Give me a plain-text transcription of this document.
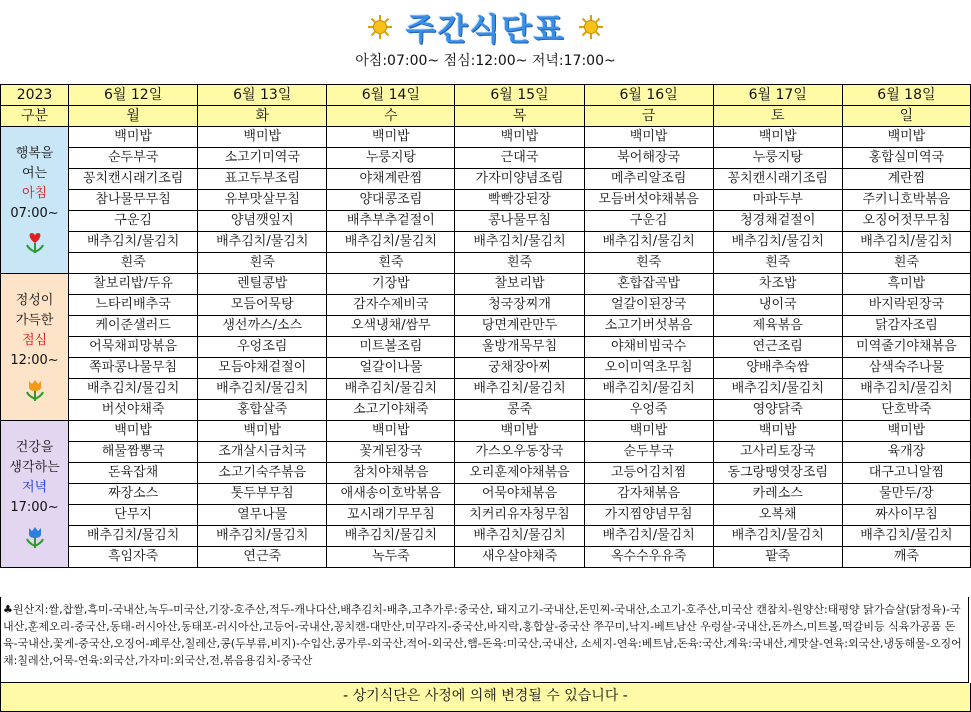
주간식단표
아침:07:00~ 점심:12:00~ 저녁:17:00~
2023	6월 12일	6월 13일	6월 14일	6월 15일	6월 16일	6월 17일	6월 18일
구분	월	화	수	목	금	토	일

행복을
여는
아침
07:00~	백미밥	백미밥	백미밥	백미밥	백미밥	백미밥	백미밥
	순두부국	소고기미역국	누룽지탕	근대국	북어해장국	누룽지탕	홍합실미역국
	꽁치캔시래기조림	표고두부조림	야채계란찜	가자미양념조림	메추리알조림	꽁치캔시래기조림	계란찜
	참나물무무침	유부맛살무침	양대콩조림	빡빡강된장	모듬버섯야채볶음	마파두부	주키니호박볶음
	구운김	양념깻잎지	배추부추겉절이	콩나물무침	구운김	청경채겉절이	오징어젓무무침
	배추김치/물김치	배추김치/물김치	배추김치/물김치	배추김치/물김치	배추김치/물김치	배추김치/물김치	배추김치/물김치
	흰죽	흰죽	흰죽	흰죽	흰죽	흰죽	흰죽

정성이
가득한
점심
12:00~	찰보리밥/두유	렌틸콩밥	기장밥	찰보리밥	혼합잡곡밥	차조밥	흑미밥
	느타리배추국	모듬어묵탕	감자수제비국	청국장찌개	얼갈이된장국	냉이국	바지락된장국
	케이준샐러드	생선까스/소스	오색냉채/쌈무	당면계란만두	소고기버섯볶음	제육볶음	닭감자조림
	어묵채피망볶음	우엉조림	미트볼조림	울방개묵무침	야채비빔국수	연근조림	미역줄기야채볶음
	쪽파콩나물무침	모듬야채겉절이	얼갈이나물	궁채장아찌	오이미역초무침	양배추숙쌈	삼색숙주나물
	배추김치/물김치	배추김치/물김치	배추김치/물김치	배추김치/물김치	배추김치/물김치	배추김치/물김치	배추김치/물김치
	버섯야채죽	홍합살죽	소고기야채죽	콩죽	우엉죽	영양닭죽	단호박죽

건강을
생각하는
저녁
17:00~	백미밥	백미밥	백미밥	백미밥	백미밥	백미밥	백미밥
	해물짬뽕국	조개살시금치국	꽃게된장국	가스오우동장국	순두부국	고사리토장국	육개장
	돈육잡채	소고기숙주볶음	참치야채볶음	오리훈제야채볶음	고등어김치찜	동그랑땡엿장조림	대구고니알찜
	짜장소스	톳두부무침	애새송이호박볶음	어묵야채볶음	감자채볶음	카레소스	물만두/장
	단무지	열무나물	꼬시래기무무침	치커리유자청무침	가지찜양념무침	오복채	짜사이무침
	배추김치/물김치	배추김치/물김치	배추김치/물김치	배추김치/물김치	배추김치/물김치	배추김치/물김치	배추김치/물김치
	흑임자죽	연근죽	녹두죽	새우살야채죽	옥수수우유죽	팥죽	깨죽
♣원산지:쌀,찹쌀,흑미-국내산,녹두-미국산,기장-호주산,적두-캐나다산,배추김치-배추,고추가루:중국산, 돼지고기-국내산,돈민찌-국내산,소고기-호주산,미국산 캔참치-원양산:태평양 닭가슴살(닭정육)-국내산,훈제오리-중국산,동태-러시아산,동태포-러시아산,고등어-국내산,꽁치캔-대만산,미꾸라지-중국산,바지락,홍합살-중국산 쭈꾸미,낙지-베트남산 우렁살-국내산,돈까스,미트볼,떡갈비등 식육가공품 돈육-국내산,꽃게-중국산,오징어-페루산,칠레산,콩(두부류,비지)-수입산,콩가루-외국산,적어-외국산,햄-돈육:미국산,국내산, 소세지-연육:베트남,돈육:국산,계육:국내산,게맛살-연육:외국산,냉동해물-오징어채:칠레산,어묵-연육:외국산,가자미:외국산,전,볶음용김치-중국산
- 상기식단은 사정에 의해 변경될 수 있습니다 -
